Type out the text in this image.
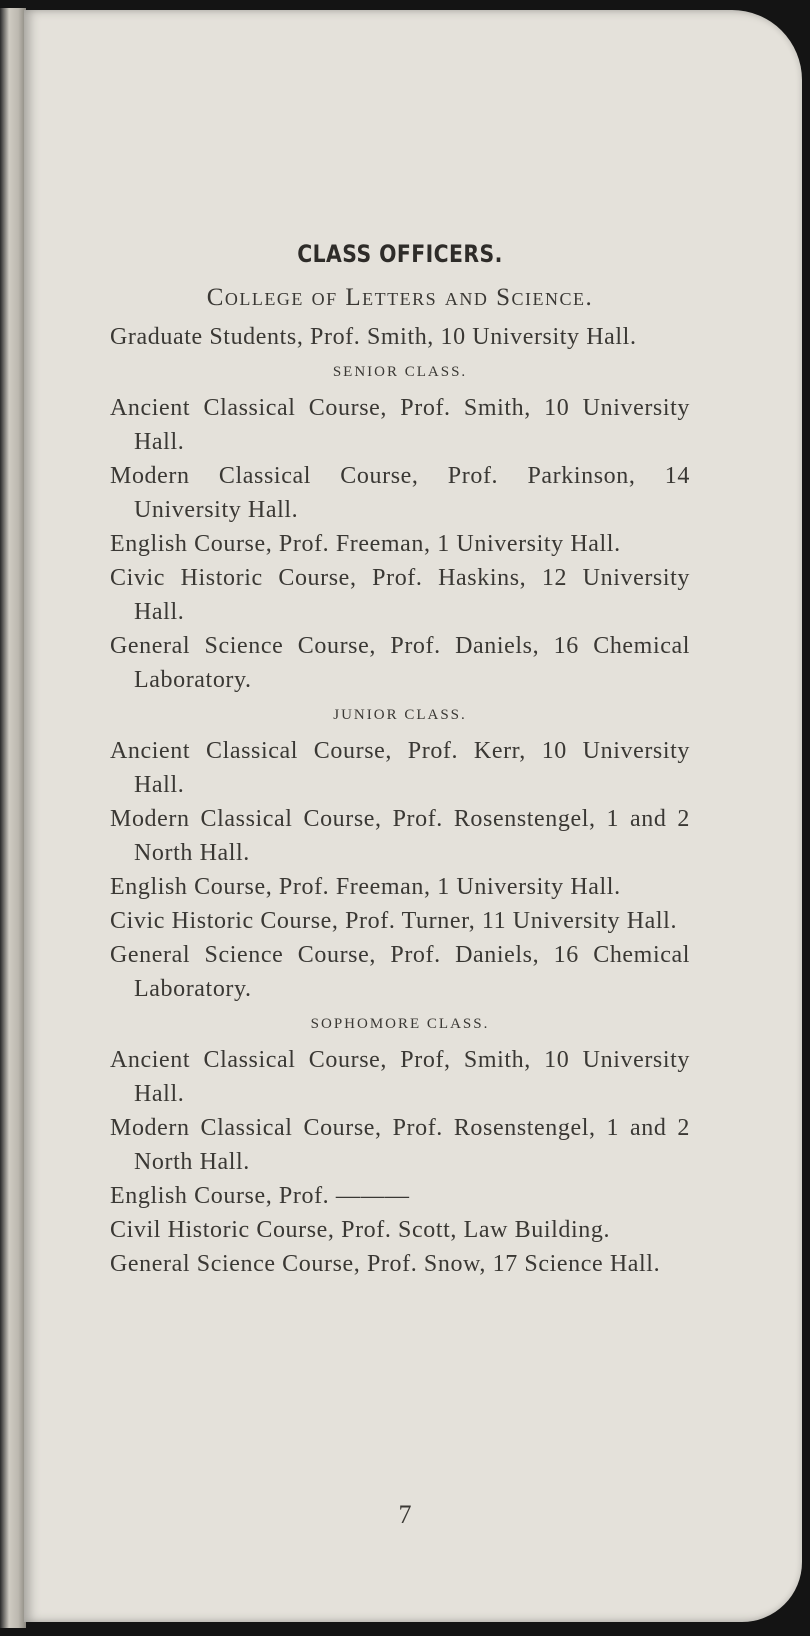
CLASS OFFICERS.
College of Letters and Science.

Graduate Students, Prof. Smith, 10 University Hall.

SENIOR CLASS.

Ancient Classical Course, Prof. Smith, 10 University Hall.

Modern Classical Course, Prof. Parkinson, 14 University Hall.

English Course, Prof. Freeman, 1 University Hall.

Civic Historic Course, Prof. Haskins, 12 University Hall.

General Science Course, Prof. Daniels, 16 Chemical Laboratory.

JUNIOR CLASS.

Ancient Classical Course, Prof. Kerr, 10 University Hall.

Modern Classical Course, Prof. Rosenstengel, 1 and 2 North Hall.

English Course, Prof. Freeman, 1 University Hall.

Civic Historic Course, Prof. Turner, 11 University Hall.

General Science Course, Prof. Daniels, 16 Chemical Laboratory.

SOPHOMORE CLASS.

Ancient Classical Course, Prof, Smith, 10 University Hall.

Modern Classical Course, Prof. Rosenstengel, 1 and 2 North Hall.

English Course, Prof. ———

Civil Historic Course, Prof. Scott, Law Building.

General Science Course, Prof. Snow, 17 Science Hall.

7
